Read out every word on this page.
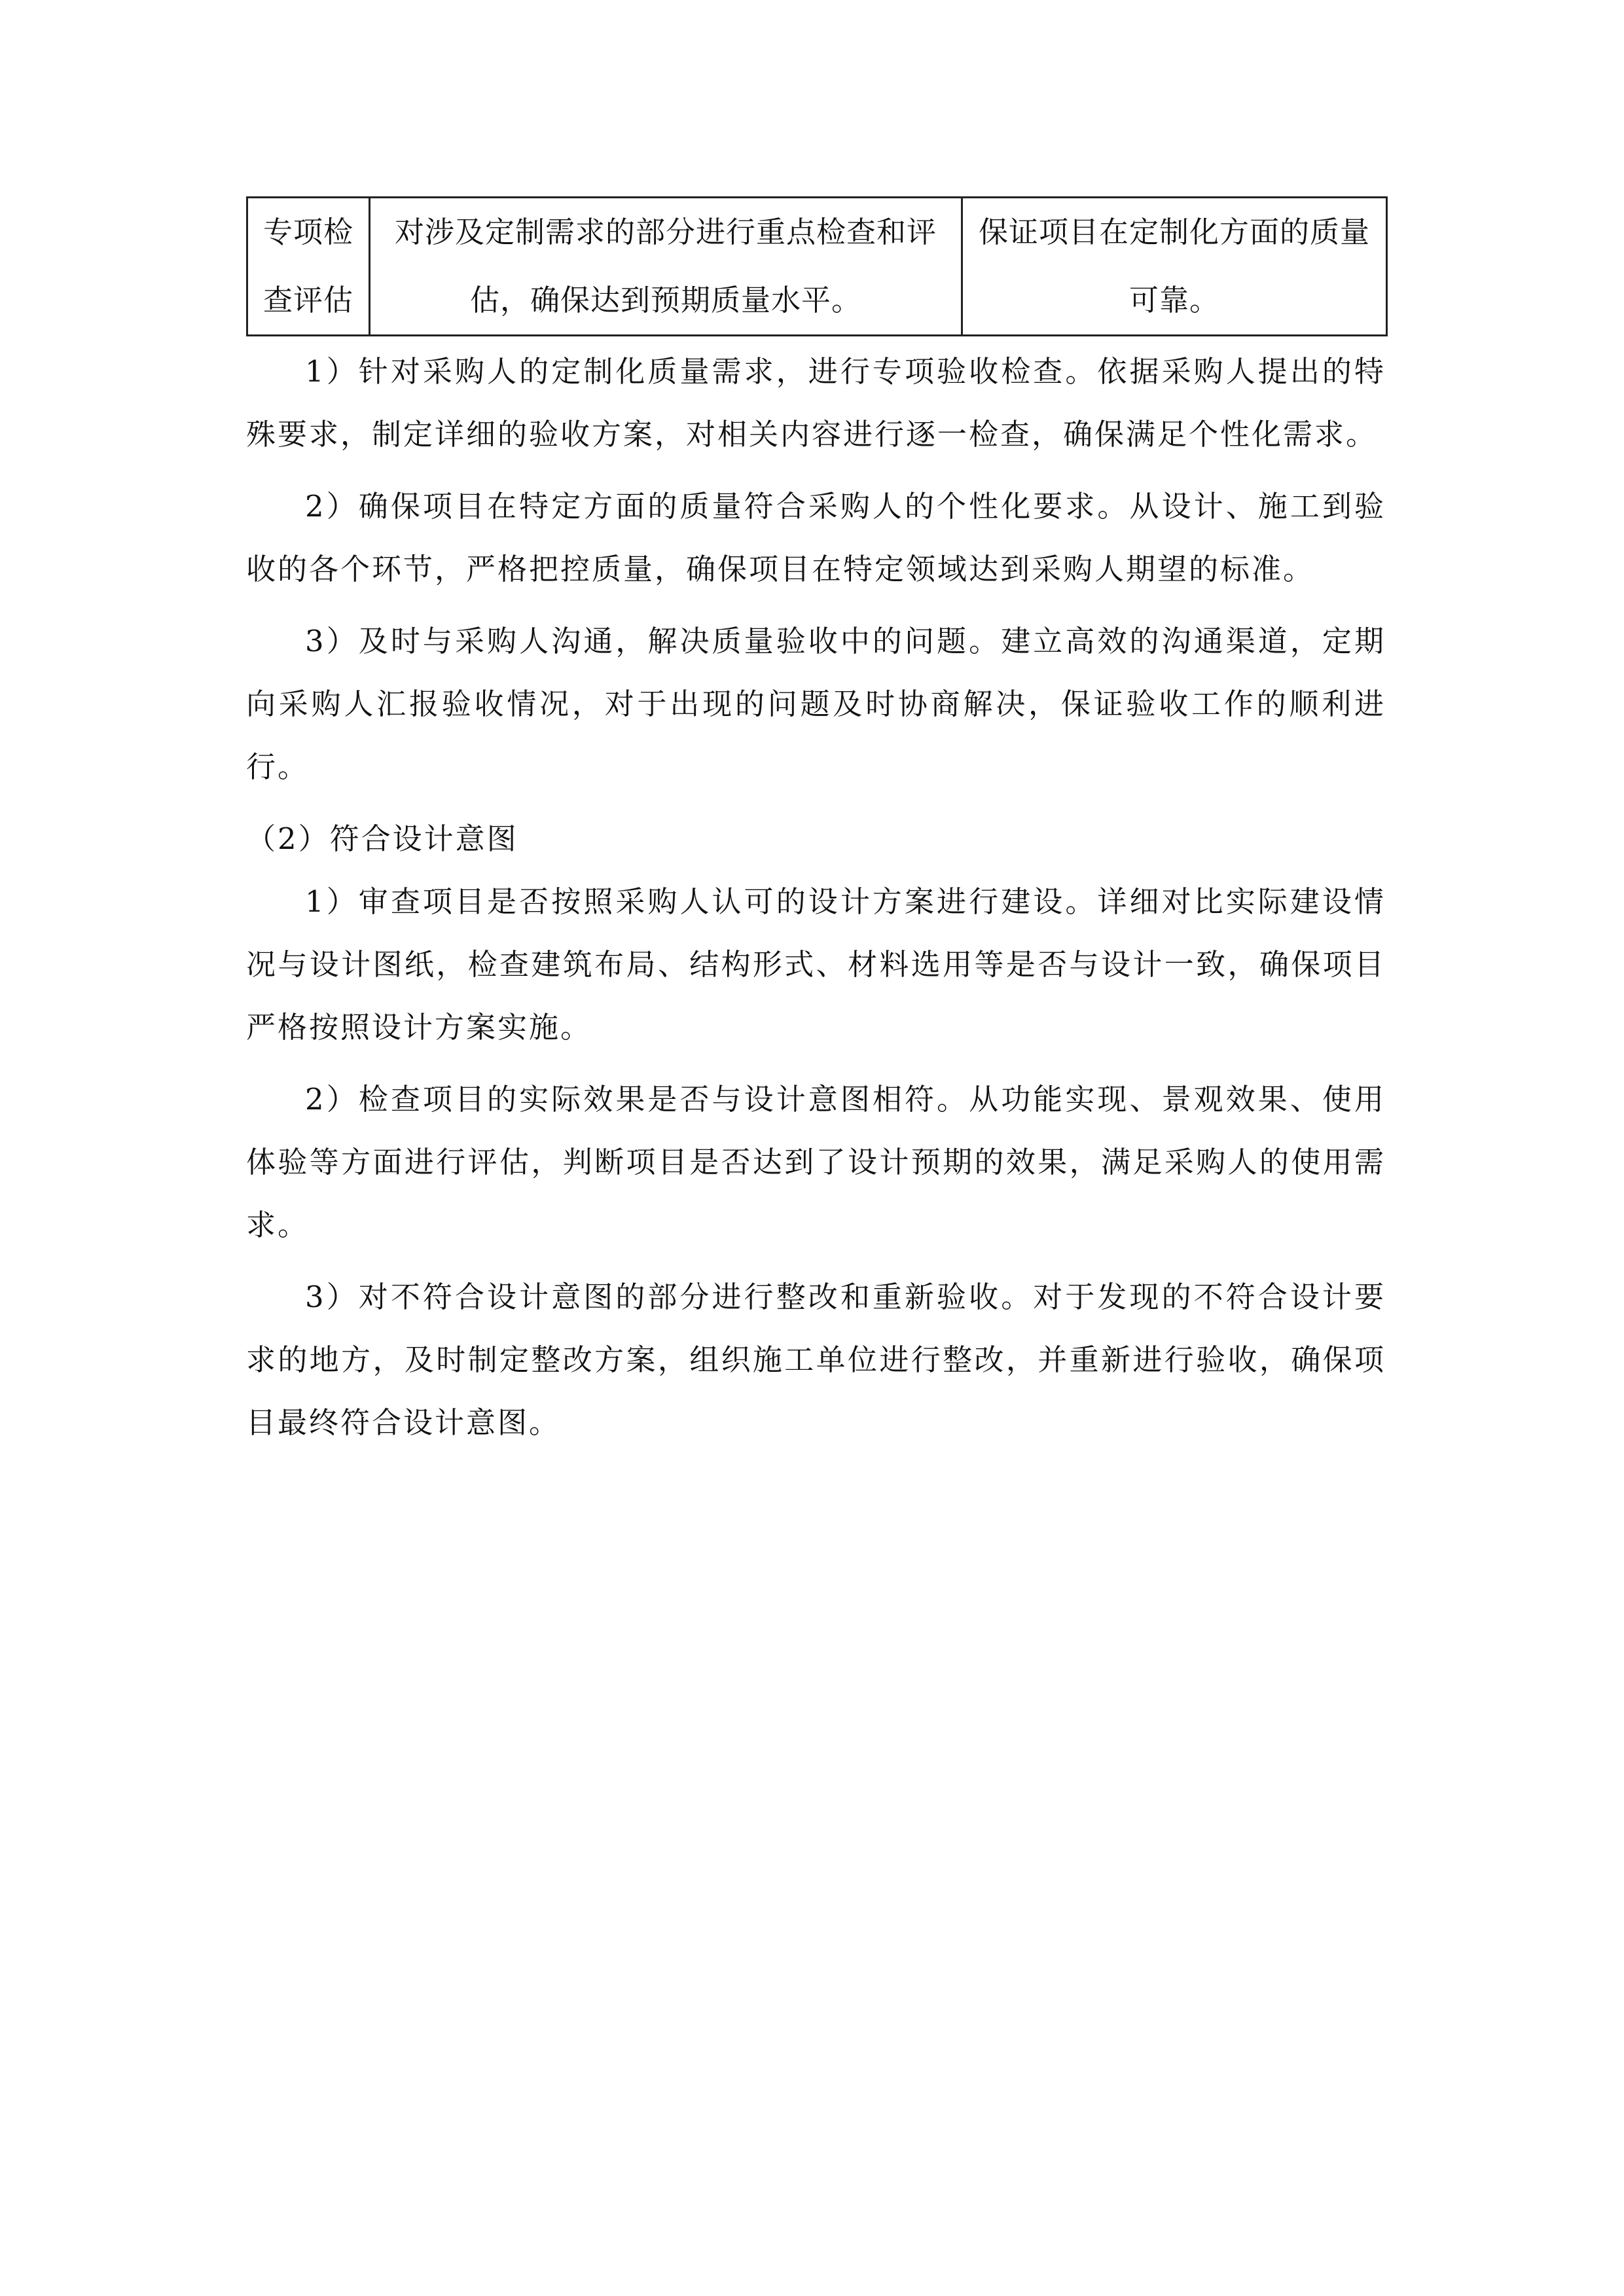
专项检查评估	对涉及定制需求的部分进行重点检查和评估，确保达到预期质量水平。	保证项目在定制化方面的质量可靠。

1）针对采购人的定制化质量需求，进行专项验收检查。依据采购人提出的特殊要求，制定详细的验收方案，对相关内容进行逐一检查，确保满足个性化需求。

2）确保项目在特定方面的质量符合采购人的个性化要求。从设计、施工到验收的各个环节，严格把控质量，确保项目在特定领域达到采购人期望的标准。

3）及时与采购人沟通，解决质量验收中的问题。建立高效的沟通渠道，定期向采购人汇报验收情况，对于出现的问题及时协商解决，保证验收工作的顺利进行。

（2）符合设计意图

1）审查项目是否按照采购人认可的设计方案进行建设。详细对比实际建设情况与设计图纸，检查建筑布局、结构形式、材料选用等是否与设计一致，确保项目严格按照设计方案实施。

2）检查项目的实际效果是否与设计意图相符。从功能实现、景观效果、使用体验等方面进行评估，判断项目是否达到了设计预期的效果，满足采购人的使用需求。

3）对不符合设计意图的部分进行整改和重新验收。对于发现的不符合设计要求的地方，及时制定整改方案，组织施工单位进行整改，并重新进行验收，确保项目最终符合设计意图。
